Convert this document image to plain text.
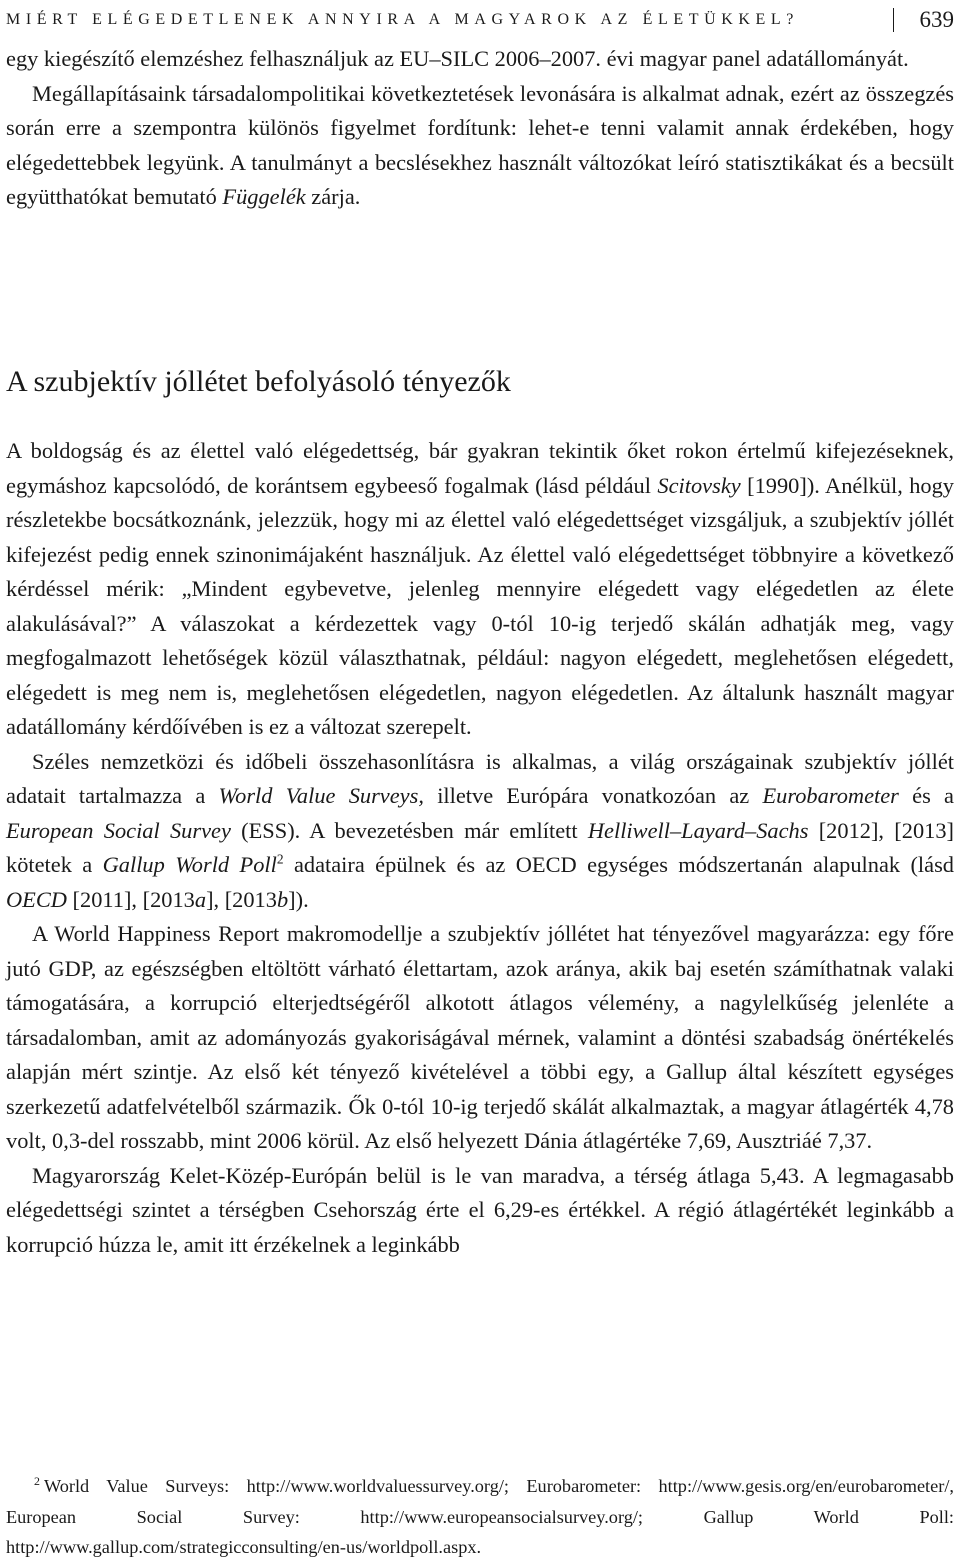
MIÉRT ELÉGEDETLENEK ANNYIRA A MAGYAROK AZ ÉLETÜKKEL?	639

egy kiegészítő elemzéshez felhasználjuk az EU–SILC 2006–2007. évi magyar panel adatállományát.

Megállapításaink társadalompolitikai következtetések levonására is alkalmat adnak, ezért az összegzés során erre a szempontra különös figyelmet fordítunk: lehet-e tenni valamit annak érdekében, hogy elégedettebbek legyünk. A tanulmányt a becslésekhez használt változókat leíró statisztikákat és a becsült együtthatókat bemutató Függelék zárja.

A szubjektív jóllétet befolyásoló tényezők

A boldogság és az élettel való elégedettség, bár gyakran tekintik őket rokon értelmű kifejezéseknek, egymáshoz kapcsolódó, de korántsem egybeeső fogalmak (lásd például Scitovsky [1990]). Anélkül, hogy részletekbe bocsátkoznánk, jelezzük, hogy mi az élettel való elégedettséget vizsgáljuk, a szubjektív jóllét kifejezést pedig ennek szinonimájaként használjuk. Az élettel való elégedettséget többnyire a következő kérdéssel mérik: „Mindent egybevetve, jelenleg mennyire elégedett vagy elégedetlen az élete alakulásával?” A válaszokat a kérdezettek vagy 0-tól 10-ig terjedő skálán adhatják meg, vagy megfogalmazott lehetőségek közül választhatnak, például: nagyon elégedett, meglehetősen elégedett, elégedett is meg nem is, meglehetősen elégedetlen, nagyon elégedetlen. Az általunk használt magyar adatállomány kérdőívében is ez a változat szerepelt.

Széles nemzetközi és időbeli összehasonlításra is alkalmas, a világ országainak szubjektív jóllét adatait tartalmazza a World Value Surveys, illetve Európára vonatkozóan az Eurobarometer és a European Social Survey (ESS). A bevezetésben már említett Helliwell–Layard–Sachs [2012], [2013] kötetek a Gallup World Poll$^2$ adataira épülnek és az OECD egységes módszertanán alapulnak (lásd OECD [2011], [2013a], [2013b]).

A World Happiness Report makromodellje a szubjektív jóllétet hat tényezővel magyarázza: egy főre jutó GDP, az egészségben eltöltött várható élettartam, azok aránya, akik baj esetén számíthatnak valaki támogatására, a korrupció elterjedtségéről alkotott átlagos vélemény, a nagylelkűség jelenléte a társadalomban, amit az adományozás gyakoriságával mérnek, valamint a döntési szabadság önértékelés alapján mért szintje. Az első két tényező kivételével a többi egy, a Gallup által készített egységes szerkezetű adatfelvételből származik. Ők 0-tól 10-ig terjedő skálát alkalmaztak, a magyar átlagérték 4,78 volt, 0,3-del rosszabb, mint 2006 körül. Az első helyezett Dánia átlagértéke 7,69, Ausztriáé 7,37.

Magyarország Kelet-Közép-Európán belül is le van maradva, a térség átlaga 5,43. A legmagasabb elégedettségi szintet a térségben Csehország érte el 6,29-es értékkel. A régió átlagértékét leginkább a korrupció húzza le, amit itt érzékelnek a leginkább

$^2$ World Value Surveys: http://www.worldvaluessurvey.org/; Eurobarometer: http://www.gesis.org/en/eurobarometer/, European Social Survey: http://www.europeansocialsurvey.org/; Gallup World Poll: http://www.gallup.com/strategicconsulting/en-us/worldpoll.aspx.
